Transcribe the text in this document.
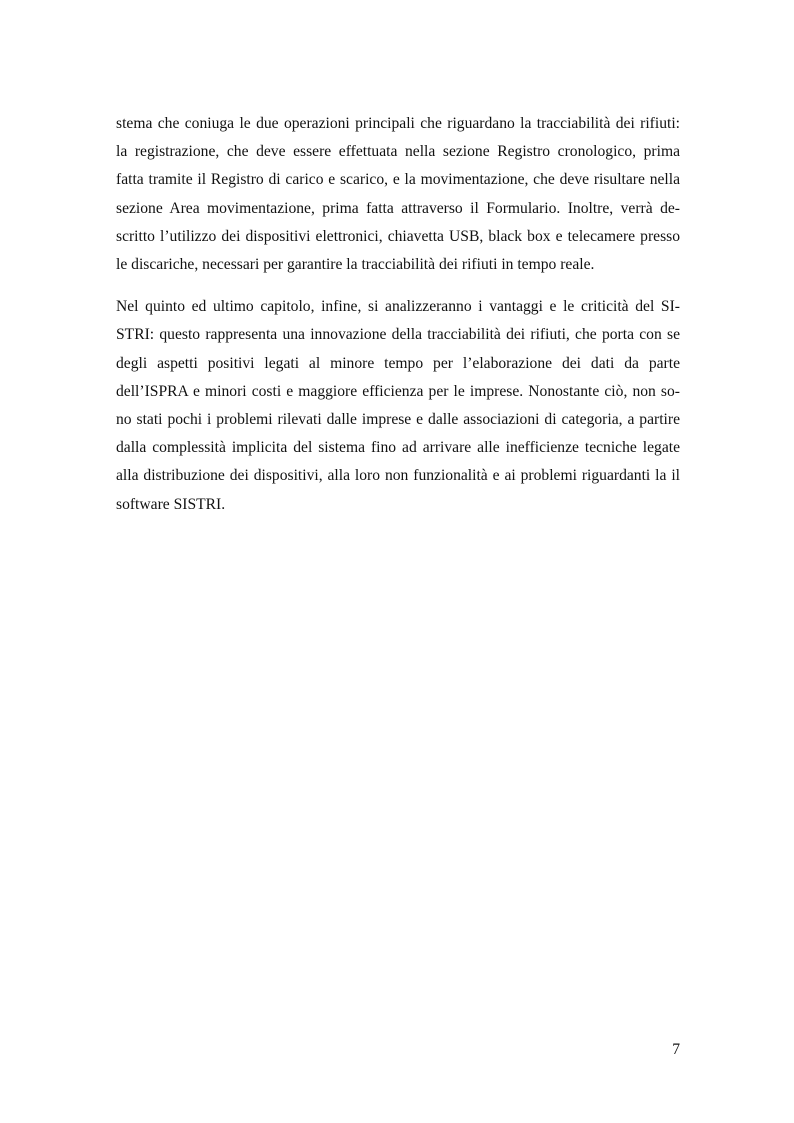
stema che coniuga le due operazioni principali che riguardano la tracciabilità dei rifiuti:
la registrazione, che deve essere effettuata nella sezione Registro cronologico, prima
fatta tramite il Registro di carico e scarico, e la movimentazione, che deve risultare nella
sezione Area movimentazione, prima fatta attraverso il Formulario. Inoltre, verrà de-
scritto l’utilizzo dei dispositivi elettronici, chiavetta USB, black box e telecamere presso
le discariche, necessari per garantire la tracciabilità dei rifiuti in tempo reale.

Nel quinto ed ultimo capitolo, infine, si analizzeranno i vantaggi e le criticità del SI-
STRI: questo rappresenta una innovazione della tracciabilità dei rifiuti, che porta con se
degli aspetti positivi legati al minore tempo per l’elaborazione dei dati da parte
dell’ISPRA e minori costi e maggiore efficienza per le imprese. Nonostante ciò, non so-
no stati pochi i problemi rilevati dalle imprese e dalle associazioni di categoria, a partire
dalla complessità implicita del sistema fino ad arrivare alle inefficienze tecniche legate
alla distribuzione dei dispositivi, alla loro non funzionalità e ai problemi riguardanti la il
software SISTRI.

7
